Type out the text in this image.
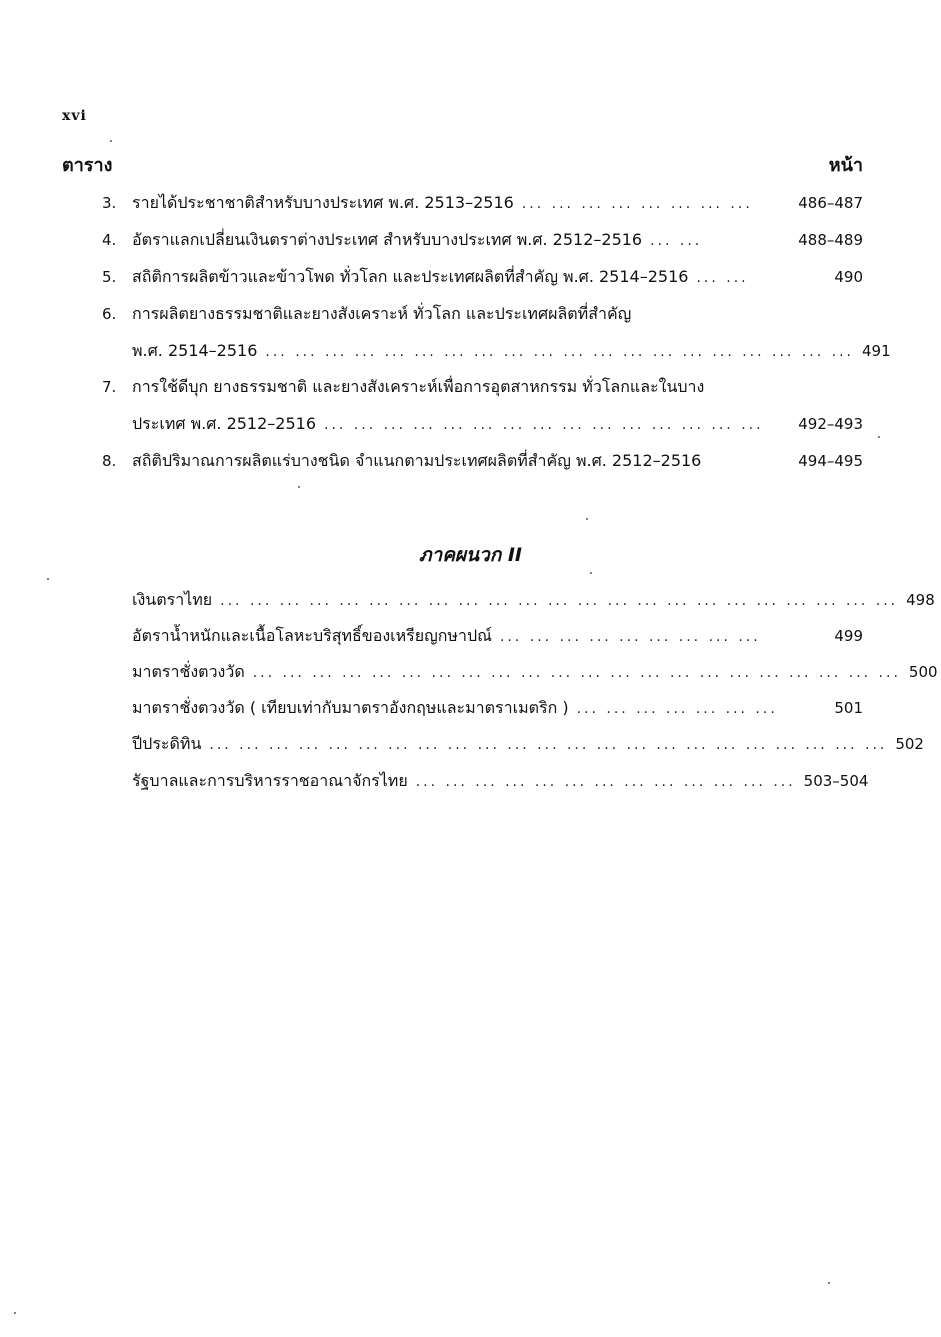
xvi
ตาราง	หน้า
3. รายได้ประชาชาติสำหรับบางประเทศ พ.ศ. 2513–2516 ... ... ... ... ... ... ... ...	486–487
4. อัตราแลกเปลี่ยนเงินตราต่างประเทศ สำหรับบางประเทศ พ.ศ. 2512–2516 ... ...	488–489
5. สถิติการผลิตข้าวและข้าวโพด ทั่วโลก และประเทศผลิตที่สำคัญ พ.ศ. 2514–2516 ... ...	490
6. การผลิตยางธรรมชาติและยางสังเคราะห์ ทั่วโลก และประเทศผลิตที่สำคัญ
พ.ศ. 2514–2516 ... ... ... ... ... ... ... ... ... ... ... ... ... ... ... ... ... ... ... ... 491
7. การใช้ดีบุก ยางธรรมชาติ และยางสังเคราะห์เพื่อการอุตสาหกรรม ทั่วโลกและในบาง
ประเทศ พ.ศ. 2512–2516 ... ... ... ... ... ... ... ... ... ... ... ... ... ... ...	492–493
8. สถิติปริมาณการผลิตแร่บางชนิด จำแนกตามประเทศผลิตที่สำคัญ พ.ศ. 2512–2516	494–495
ภาคผนวก II
เงินตราไทย ... ... ... ... ... ... ... ... ... ... ... ... ... ... ... ... ... ... ... ... ... ... ... 498
อัตราน้ำหนักและเนื้อโลหะบริสุทธิ์ของเหรียญกษาปณ์ ... ... ... ... ... ... ... ... ...	499
มาตราชั่งตวงวัด ... ... ... ... ... ... ... ... ... ... ... ... ... ... ... ... ... ... ... ... ... ... 500
มาตราชั่งตวงวัด ( เทียบเท่ากับมาตราอังกฤษและมาตราเมตริก ) ... ... ... ... ... ... ...	501
ปีประดิทิน ... ... ... ... ... ... ... ... ... ... ... ... ... ... ... ... ... ... ... ... ... ... ... 502
รัฐบาลและการบริหารราชอาณาจักรไทย ... ... ... ... ... ... ... ... ... ... ... ... ... 503–504
